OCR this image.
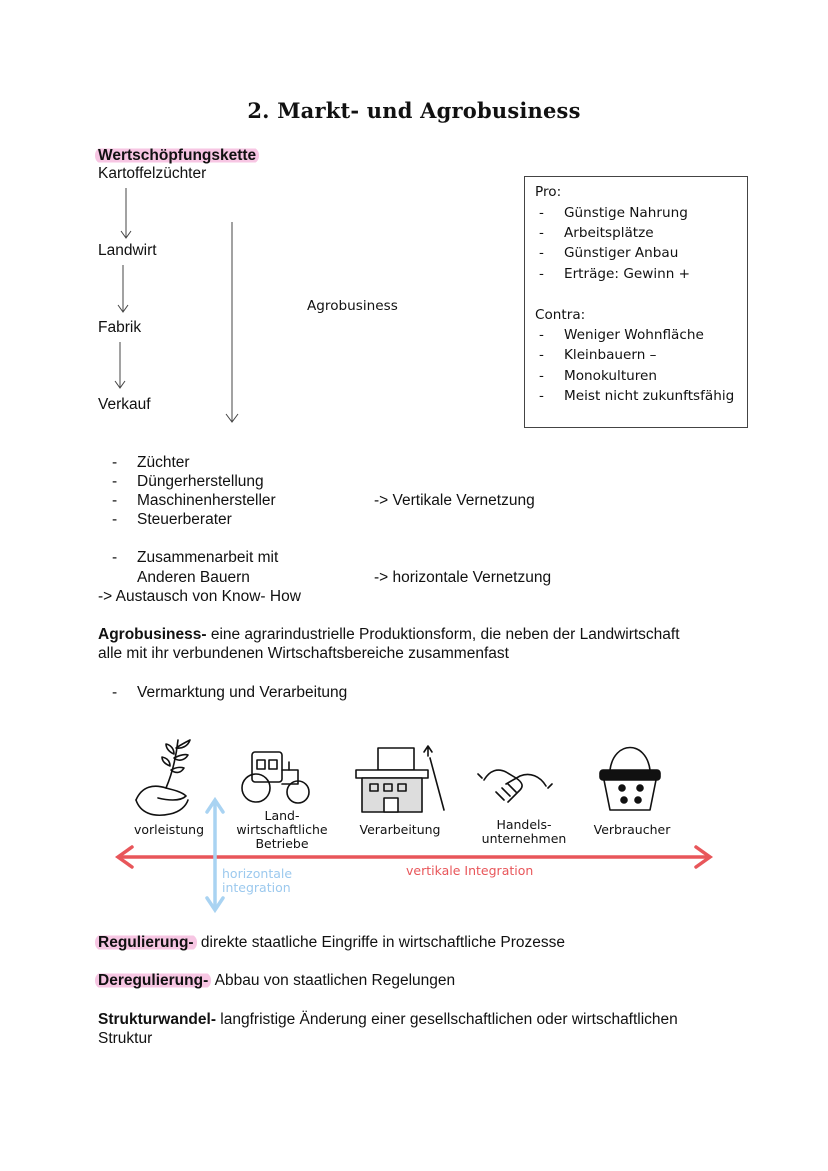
2. Markt- und Agrobusiness
Wertschöpfungskette
Kartoffelzüchter
Landwirt
Fabrik
Verkauf
Agrobusiness
Pro:
- Günstige Nahrung
- Arbeitsplätze
- Günstiger Anbau
- Erträge: Gewinn +
Contra:
- Weniger Wohnfläche
- Kleinbauern –
- Monokulturen
- Meist nicht zukunftsfähig
- Züchter
- Düngerherstellung
- Maschinenhersteller
- Steuerberater
-> Vertikale Vernetzung
- Zusammenarbeit mit
Anderen Bauern	-> horizontale Vernetzung
-> Austausch von Know- How
Agrobusiness- eine agrarindustrielle Produktionsform, die neben der Landwirtschaft
alle mit ihr verbundenen Wirtschaftsbereiche zusammenfast
- Vermarktung und Verarbeitung
vorleistung
Land-
wirtschaftliche
Betriebe
Verarbeitung	Handels-
unternehmen
Verbraucher
horizontale
integration
vertikale Integration
Regulierung- direkte staatliche Eingriffe in wirtschaftliche Prozesse
Deregulierung- Abbau von staatlichen Regelungen
Strukturwandel- langfristige Änderung einer gesellschaftlichen oder wirtschaftlichen
Struktur
